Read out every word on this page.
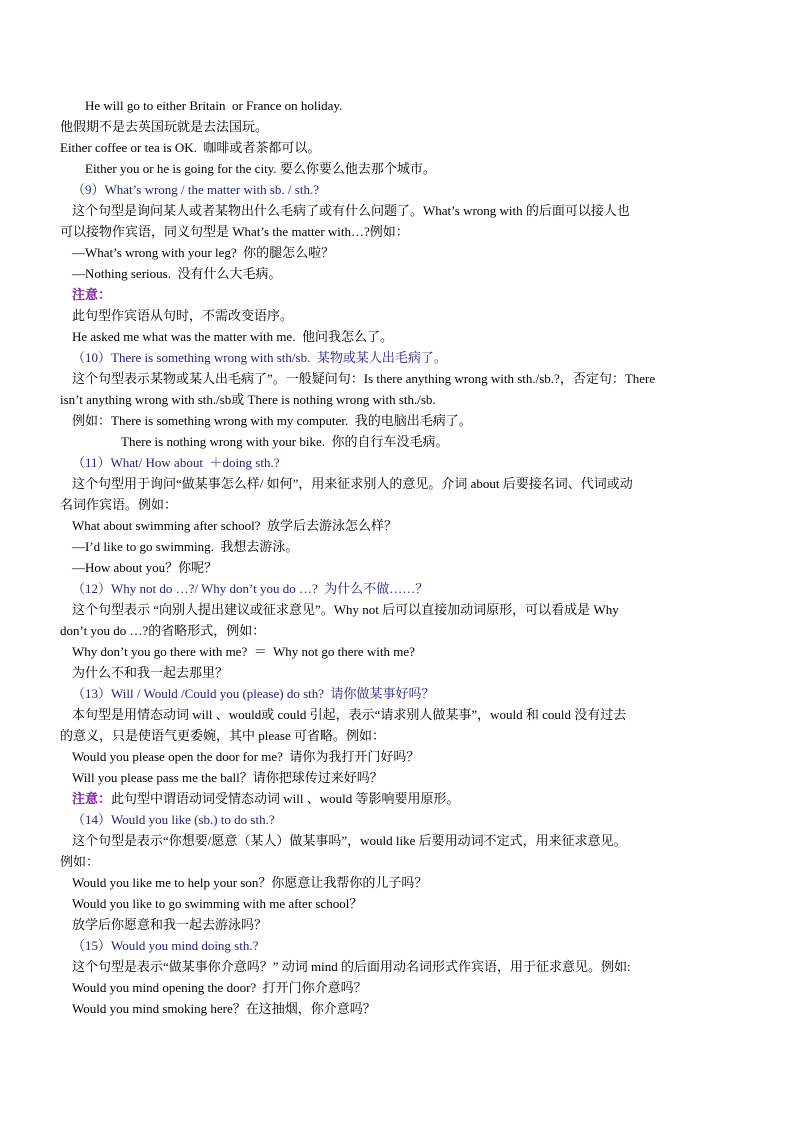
He will go to either Britain  or France on holiday.
他假期不是去英国玩就是去法国玩。
Either coffee or tea is OK.  咖啡或者茶都可以。
Either you or he is going for the city. 要么你要么他去那个城市。
（9）What’s wrong / the matter with sb. / sth.?
这个句型是询问某人或者某物出什么毛病了或有什么问题了。What’s wrong with 的后面可以接人也
可以接物作宾语，同义句型是 What’s the matter with…?例如：
—What’s wrong with your leg?  你的腿怎么啦？
—Nothing serious.  没有什么大毛病。
注意：
此句型作宾语从句时，不需改变语序。
He asked me what was the matter with me.  他问我怎么了。
（10）There is something wrong with sth/sb.  某物或某人出毛病了。
这个句型表示某物或某人出毛病了”。一般疑问句：Is there anything wrong with sth./sb.?，否定句：There
isn’t anything wrong with sth./sb或 There is nothing wrong with sth./sb.
例如：There is something wrong with my computer.  我的电脑出毛病了。
There is nothing wrong with your bike.  你的自行车没毛病。
（11）What/ How about  ＋doing sth.?
这个句型用于询问“做某事怎么样/ 如何”，用来征求别人的意见。介词 about 后要接名词、代词或动
名词作宾语。例如：
What about swimming after school?  放学后去游泳怎么样？
—I’d like to go swimming.  我想去游泳。
—How about you？你呢？
（12）Why not do …?/ Why don’t you do …?  为什么不做……？
这个句型表示 “向别人提出建议或征求意见”。Why not 后可以直接加动词原形，可以看成是 Why
don’t you do …?的省略形式，例如：
Why don’t you go there with me?  ＝  Why not go there with me?
为什么不和我一起去那里？
（13）Will / Would /Could you (please) do sth?  请你做某事好吗？
本句型是用情态动词 will 、would或 could 引起，表示“请求别人做某事”，would 和 could 没有过去
的意义，只是使语气更委婉，其中 please 可省略。例如：
Would you please open the door for me?  请你为我打开门好吗？
Will you please pass me the ball？请你把球传过来好吗？
注意：此句型中谓语动词受情态动词 will 、would 等影响要用原形。
（14）Would you like (sb.) to do sth.?
这个句型是表示“你想要/愿意（某人）做某事吗”，would like 后要用动词不定式，用来征求意见。
例如：
Would you like me to help your son？你愿意让我帮你的儿子吗？
Would you like to go swimming with me after school？
放学后你愿意和我一起去游泳吗？
（15）Would you mind doing sth.?
这个句型是表示“做某事你介意吗？” 动词 mind 的后面用动名词形式作宾语，用于征求意见。例如:
Would you mind opening the door?  打开门你介意吗？
Would you mind smoking here？在这抽烟，你介意吗？
